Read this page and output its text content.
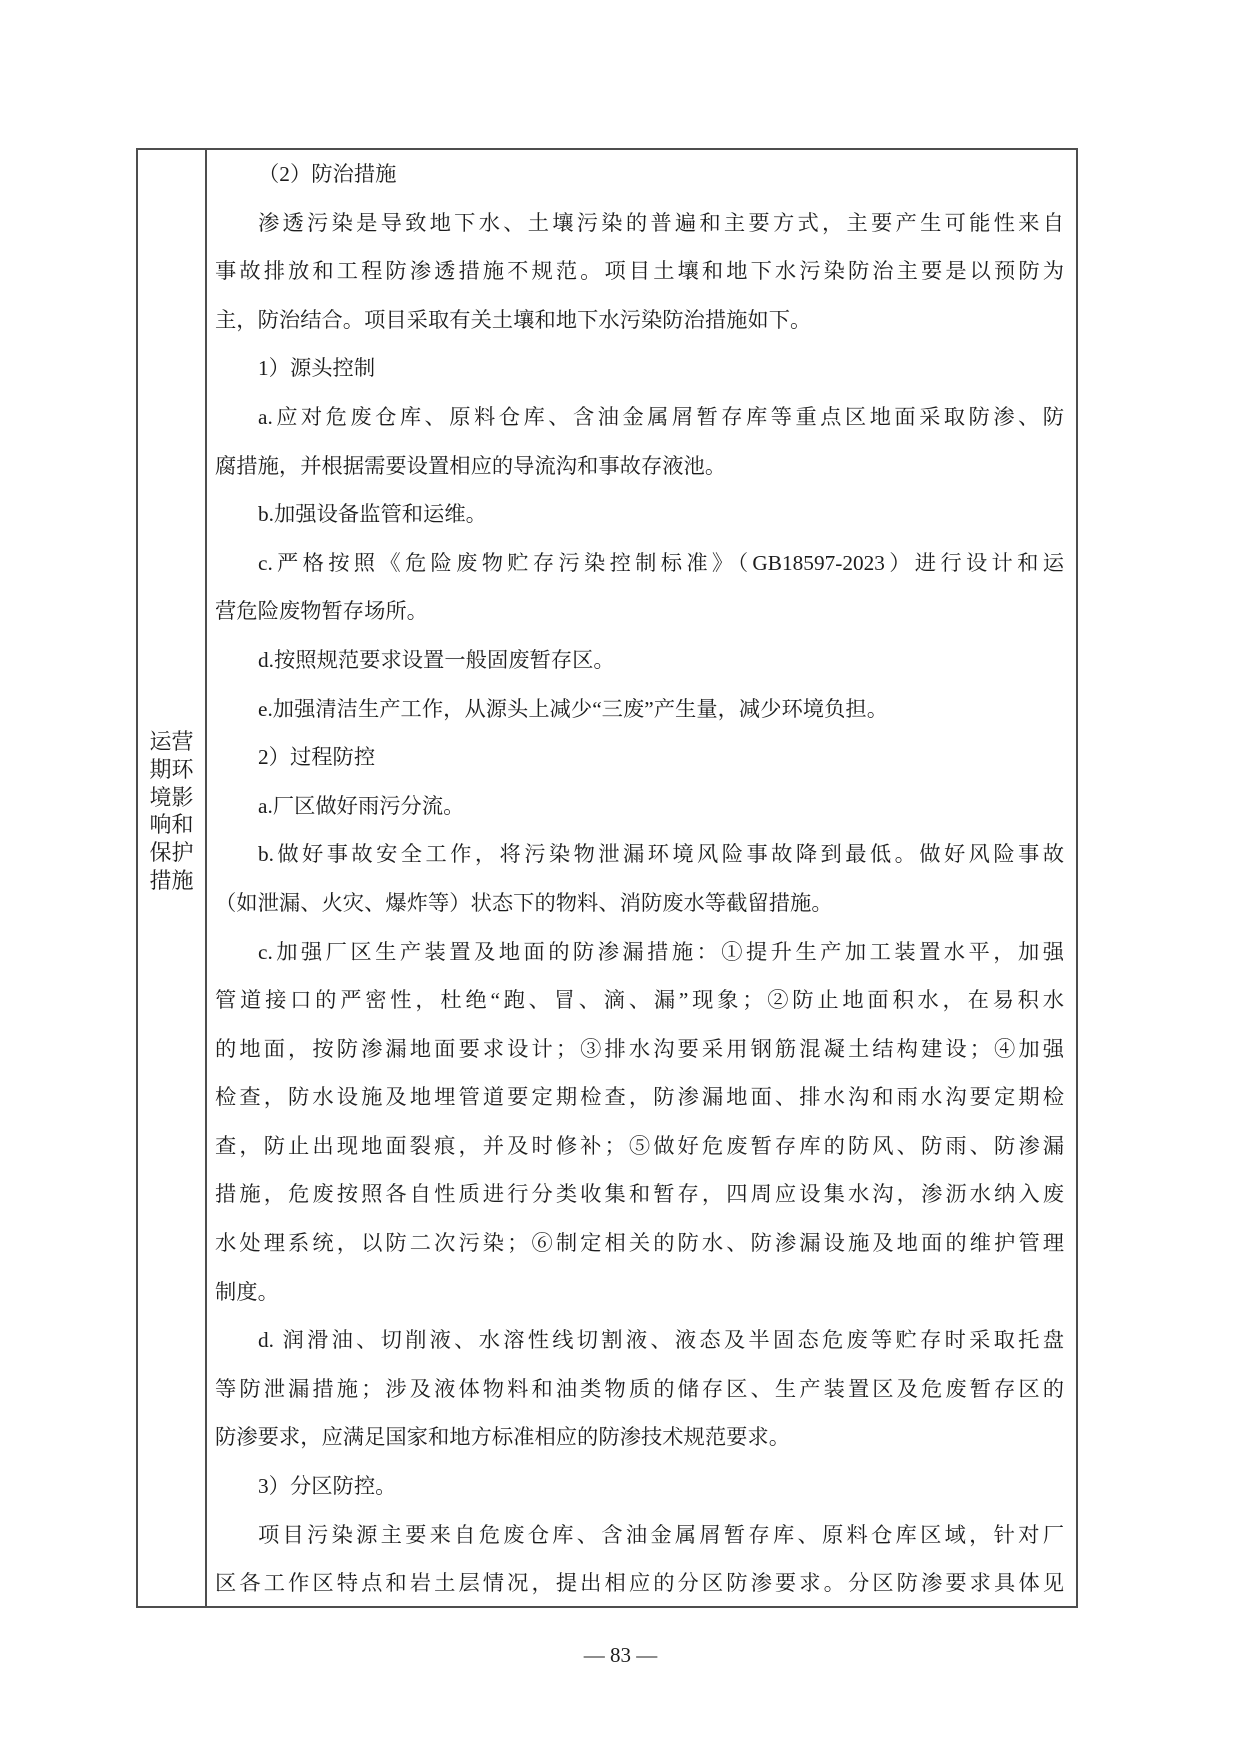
运营
期环
境影
响和
保护
措施
（2）防治措施
渗透污染是导致地下水、土壤污染的普遍和主要方式，主要产生可能性来自
事故排放和工程防渗透措施不规范。项目土壤和地下水污染防治主要是以预防为
主，防治结合。项目采取有关土壤和地下水污染防治措施如下。
1）源头控制
a.应对危废仓库、原料仓库、含油金属屑暂存库等重点区地面采取防渗、防
腐措施，并根据需要设置相应的导流沟和事故存液池。
b.加强设备监管和运维。
c.严格按照《危险废物贮存污染控制标准》（GB18597-2023）进行设计和运
营危险废物暂存场所。
d.按照规范要求设置一般固废暂存区。
e.加强清洁生产工作，从源头上减少“三废”产生量，减少环境负担。
2）过程防控
a.厂区做好雨污分流。
b.做好事故安全工作，将污染物泄漏环境风险事故降到最低。做好风险事故
（如泄漏、火灾、爆炸等）状态下的物料、消防废水等截留措施。
c.加强厂区生产装置及地面的防渗漏措施：①提升生产加工装置水平，加强
管道接口的严密性，杜绝“跑、冒、滴、漏”现象；②防止地面积水，在易积水
的地面，按防渗漏地面要求设计；③排水沟要采用钢筋混凝土结构建设；④加强
检查，防水设施及地埋管道要定期检查，防渗漏地面、排水沟和雨水沟要定期检
查，防止出现地面裂痕，并及时修补；⑤做好危废暂存库的防风、防雨、防渗漏
措施，危废按照各自性质进行分类收集和暂存，四周应设集水沟，渗沥水纳入废
水处理系统，以防二次污染；⑥制定相关的防水、防渗漏设施及地面的维护管理
制度。
d. 润滑油、切削液、水溶性线切割液、液态及半固态危废等贮存时采取托盘
等防泄漏措施；涉及液体物料和油类物质的储存区、生产装置区及危废暂存区的
防渗要求，应满足国家和地方标准相应的防渗技术规范要求。
3）分区防控。
项目污染源主要来自危废仓库、含油金属屑暂存库、原料仓库区域，针对厂
区各工作区特点和岩土层情况，提出相应的分区防渗要求。分区防渗要求具体见
— 83 —
